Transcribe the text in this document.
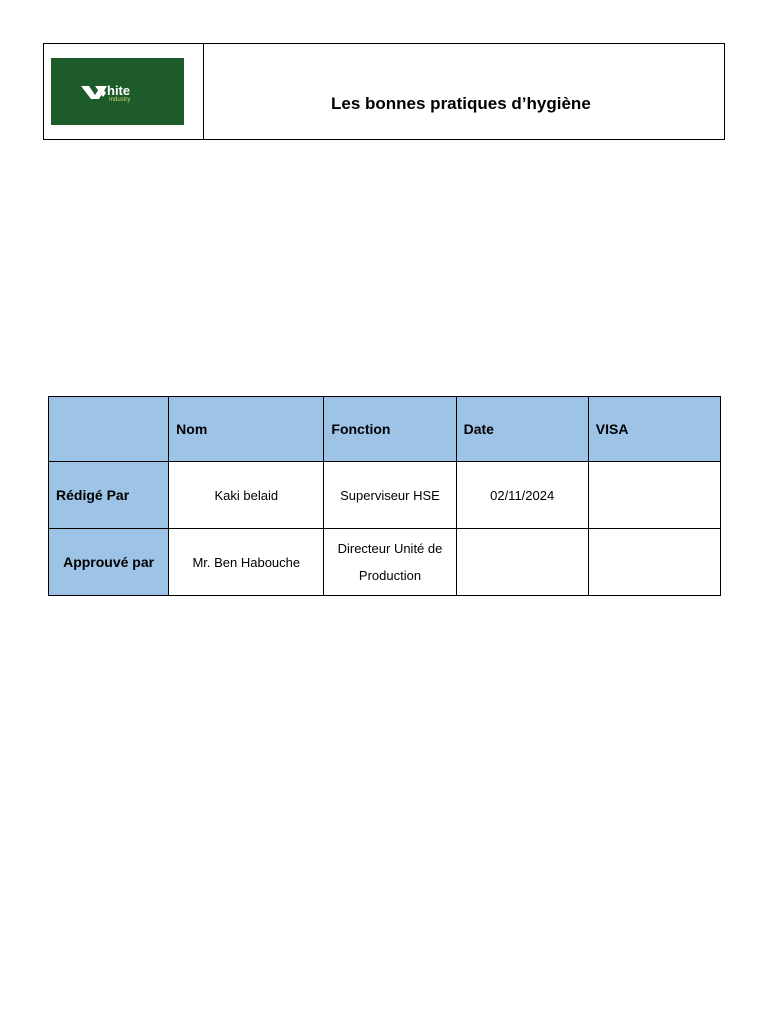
hite
Industry	Les bonnes pratiques d’hygiène
	Nom	Fonction	Date	VISA
Rédigé Par	Kaki belaid	Superviseur HSE	02/11/2024	
Approuvé par	Mr. Ben Habouche	Directeur Unité de Production		
